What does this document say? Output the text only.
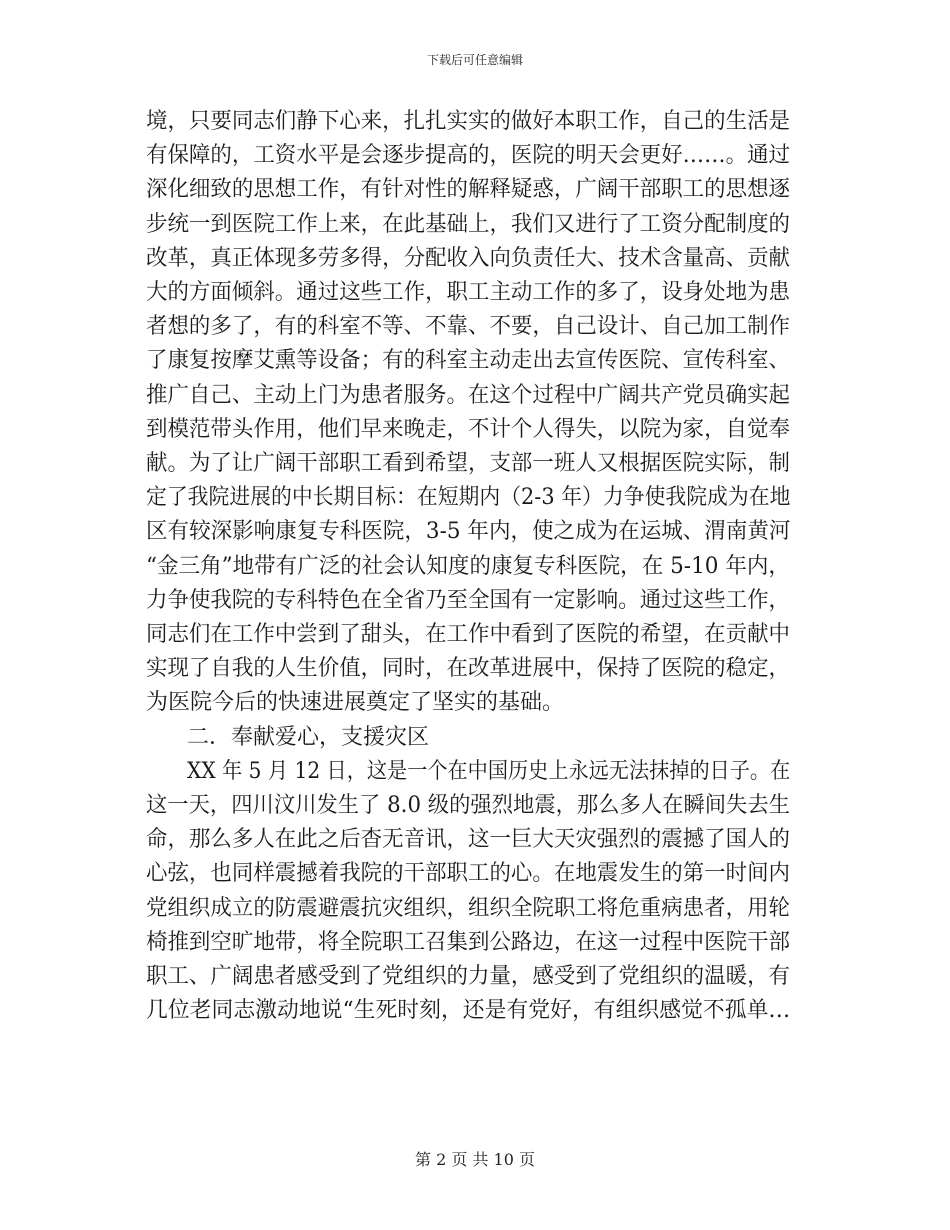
下载后可任意编辑
境，只要同志们静下心来，扎扎实实的做好本职工作，自己的生活是
有保障的，工资水平是会逐步提高的，医院的明天会更好……。通过
深化细致的思想工作，有针对性的解释疑惑，广阔干部职工的思想逐
步统一到医院工作上来，在此基础上，我们又进行了工资分配制度的
改革，真正体现多劳多得，分配收入向负责任大、技术含量高、贡献
大的方面倾斜。通过这些工作，职工主动工作的多了，设身处地为患
者想的多了，有的科室不等、不靠、不要，自己设计、自己加工制作
了康复按摩艾熏等设备；有的科室主动走出去宣传医院、宣传科室、
推广自己、主动上门为患者服务。在这个过程中广阔共产党员确实起
到模范带头作用，他们早来晚走，不计个人得失，以院为家，自觉奉
献。为了让广阔干部职工看到希望，支部一班人又根据医院实际，制
定了我院进展的中长期目标：在短期内（2-3 年）力争使我院成为在地
区有较深影响康复专科医院，3-5 年内，使之成为在运城、渭南黄河
“金三角”地带有广泛的社会认知度的康复专科医院，在 5-10 年内，
力争使我院的专科特色在全省乃至全国有一定影响。通过这些工作，
同志们在工作中尝到了甜头，在工作中看到了医院的希望，在贡献中
实现了自我的人生价值，同时，在改革进展中，保持了医院的稳定，
为医院今后的快速进展奠定了坚实的基础。
二．奉献爱心，支援灾区
XX 年 5 月 12 日，这是一个在中国历史上永远无法抹掉的日子。在
这一天，四川汶川发生了 8.0 级的强烈地震，那么多人在瞬间失去生
命，那么多人在此之后杳无音讯，这一巨大天灾强烈的震撼了国人的
心弦，也同样震撼着我院的干部职工的心。在地震发生的第一时间内
党组织成立的防震避震抗灾组织，组织全院职工将危重病患者，用轮
椅推到空旷地带，将全院职工召集到公路边，在这一过程中医院干部
职工、广阔患者感受到了党组织的力量，感受到了党组织的温暖，有
几位老同志激动地说“生死时刻，还是有党好，有组织感觉不孤单…
第 2 页 共 10 页
